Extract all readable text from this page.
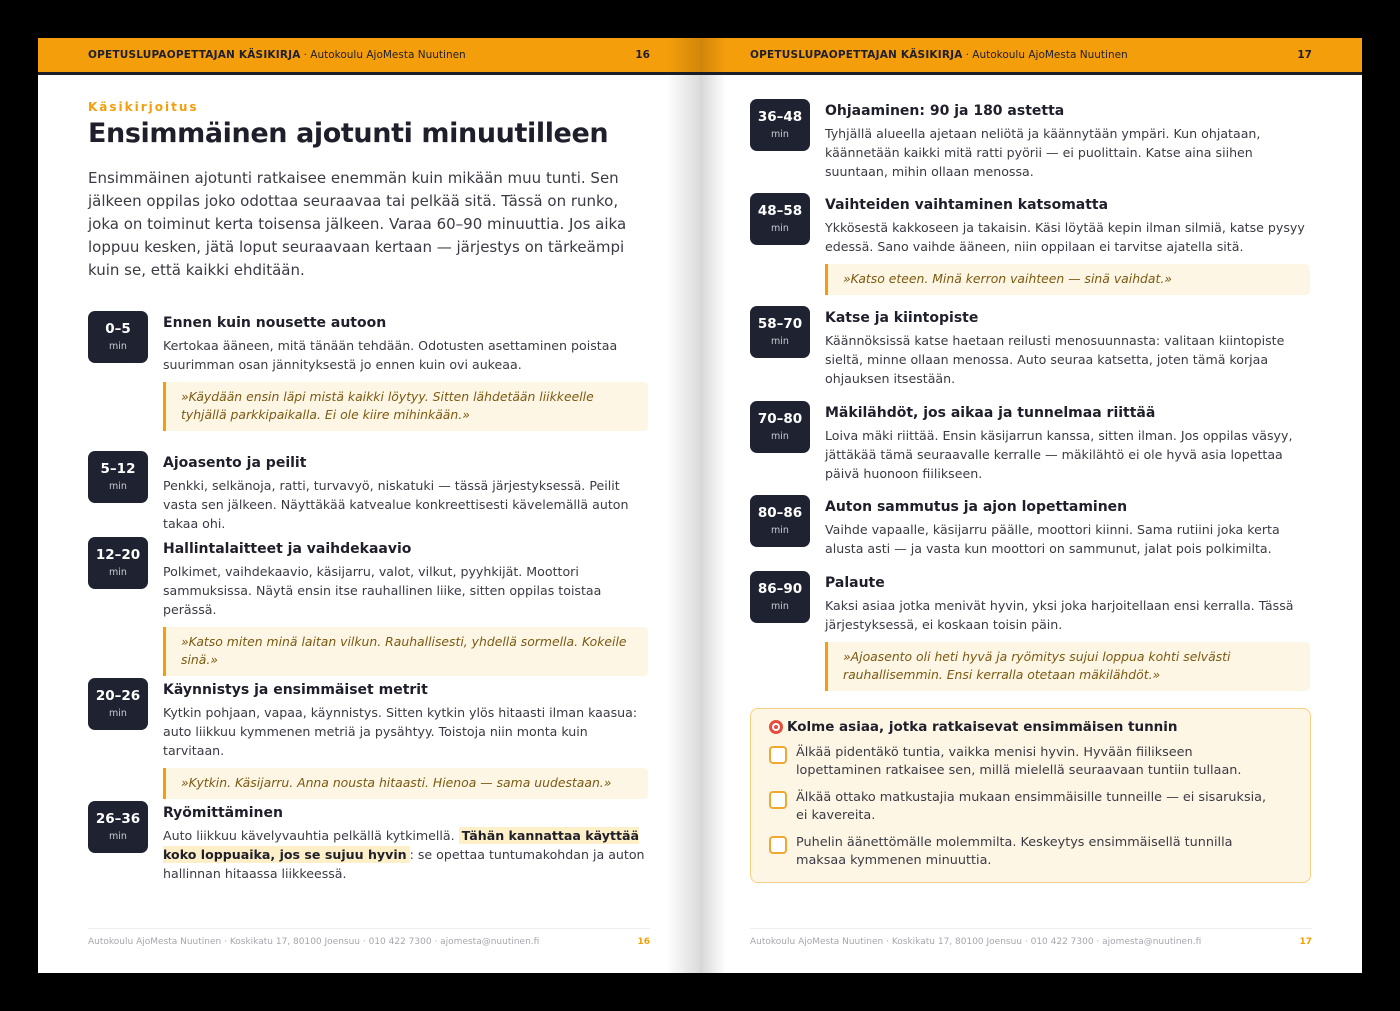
OPETUSLUPAOPETTAJAN KÄSIKIRJA · Autokoulu AjoMesta Nuutinen	16
Käsikirjoitus
Ensimmäinen ajotunti minuutilleen

Ensimmäinen ajotunti ratkaisee enemmän kuin mikään muu tunti. Sen jälkeen oppilas joko odottaa seuraavaa tai pelkää sitä. Tässä on runko, joka on toiminut kerta toisensa jälkeen. Varaa 60–90 minuuttia. Jos aika loppuu kesken, jätä loput seuraavaan kertaan — järjestys on tärkeämpi kuin se, että kaikki ehditään.

0–5
min
Ennen kuin nousette autoon

Kertokaa ääneen, mitä tänään tehdään. Odotusten asettaminen poistaa suurimman osan jännityksestä jo ennen kuin ovi aukeaa.

»Käydään ensin läpi mistä kaikki löytyy. Sitten lähdetään liikkeelle tyhjällä parkkipaikalla. Ei ole kiire mihinkään.»
5–12
min
Ajoasento ja peilit

Penkki, selkänoja, ratti, turvavyö, niskatuki — tässä järjestyksessä. Peilit vasta sen jälkeen. Näyttäkää katvealue konkreettisesti kävelemällä auton takaa ohi.

12–20
min
Hallintalaitteet ja vaihdekaavio

Polkimet, vaihdekaavio, käsijarru, valot, vilkut, pyyhkijät. Moottori sammuksissa. Näytä ensin itse rauhallinen liike, sitten oppilas toistaa perässä.

»Katso miten minä laitan vilkun. Rauhallisesti, yhdellä sormella. Kokeile sinä.»
20–26
min
Käynnistys ja ensimmäiset metrit

Kytkin pohjaan, vapaa, käynnistys. Sitten kytkin ylös hitaasti ilman kaasua: auto liikkuu kymmenen metriä ja pysähtyy. Toistoja niin monta kuin tarvitaan.

»Kytkin. Käsijarru. Anna nousta hitaasti. Hienoa — sama uudestaan.»
26–36
min
Ryömittäminen

Auto liikkuu kävelyvauhtia pelkällä kytkimellä. Tähän kannattaa käyttää koko loppuaika, jos se sujuu hyvin : se opettaa tuntumakohdan ja auton hallinnan hitaassa liikkeessä.

Autokoulu AjoMesta Nuutinen · Koskikatu 17, 80100 Joensuu · 010 422 7300 · ajomesta@nuutinen.fi	16
OPETUSLUPAOPETTAJAN KÄSIKIRJA · Autokoulu AjoMesta Nuutinen	17
36–48
min
Ohjaaminen: 90 ja 180 astetta

Tyhjällä alueella ajetaan neliötä ja käännytään ympäri. Kun ohjataan, käännetään kaikki mitä ratti pyörii — ei puolittain. Katse aina siihen suuntaan, mihin ollaan menossa.

48–58
min
Vaihteiden vaihtaminen katsomatta

Ykkösestä kakkoseen ja takaisin. Käsi löytää kepin ilman silmiä, katse pysyy edessä. Sano vaihde ääneen, niin oppilaan ei tarvitse ajatella sitä.

»Katso eteen. Minä kerron vaihteen — sinä vaihdat.»
58–70
min
Katse ja kiintopiste

Käännöksissä katse haetaan reilusti menosuunnasta: valitaan kiintopiste sieltä, minne ollaan menossa. Auto seuraa katsetta, joten tämä korjaa ohjauksen itsestään.

70–80
min
Mäkilähdöt, jos aikaa ja tunnelmaa riittää

Loiva mäki riittää. Ensin käsijarrun kanssa, sitten ilman. Jos oppilas väsyy, jättäkää tämä seuraavalle kerralle — mäkilähtö ei ole hyvä asia lopettaa päivä huonoon fiilikseen.

80–86
min
Auton sammutus ja ajon lopettaminen

Vaihde vapaalle, käsijarru päälle, moottori kiinni. Sama rutiini joka kerta alusta asti — ja vasta kun moottori on sammunut, jalat pois polkimilta.

86–90
min
Palaute

Kaksi asiaa jotka menivät hyvin, yksi joka harjoitellaan ensi kerralla. Tässä järjestyksessä, ei koskaan toisin päin.

»Ajoasento oli heti hyvä ja ryömitys sujui loppua kohti selvästi rauhallisemmin. Ensi kerralla otetaan mäkilähdöt.»
Kolme asiaa, jotka ratkaisevat ensimmäisen tunnin
Älkää pidentäkö tuntia, vaikka menisi hyvin. Hyvään fiilikseen lopettaminen ratkaisee sen, millä mielellä seuraavaan tuntiin tullaan.
Älkää ottako matkustajia mukaan ensimmäisille tunneille — ei sisaruksia, ei kavereita.
Puhelin äänettömälle molemmilta. Keskeytys ensimmäisellä tunnilla maksaa kymmenen minuuttia.
Autokoulu AjoMesta Nuutinen · Koskikatu 17, 80100 Joensuu · 010 422 7300 · ajomesta@nuutinen.fi	17
